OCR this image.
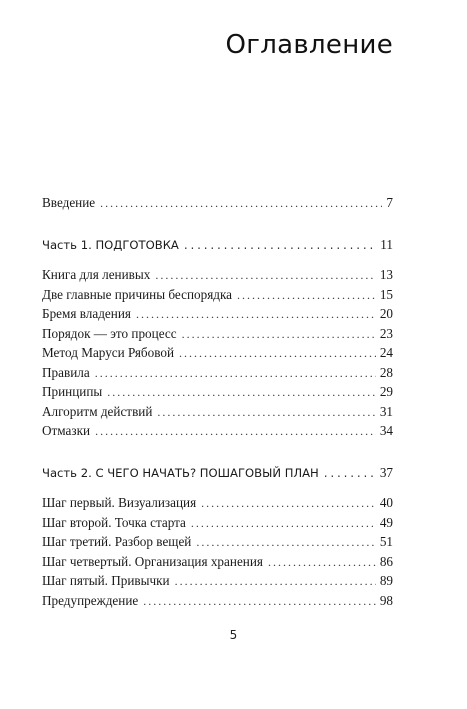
Оглавление
Введение . . .	7
Часть 1. ПОДГОТОВКА . . .	11
Книга для ленивых . . .	13
Две главные причины беспорядка . . .	15
Бремя владения . . .	20
Порядок — это процесс . . .	23
Метод Маруси Рябовой . . .	24
Правила . . .	28
Принципы . . .	29
Алгоритм действий . . .	31
Отмазки . . .	34
Часть 2. С ЧЕГО НАЧАТЬ? ПОШАГОВЫЙ ПЛАН . . .	37
Шаг первый. Визуализация . . .	40
Шаг второй. Точка старта . . .	49
Шаг третий. Разбор вещей . . .	51
Шаг четвертый. Организация хранения . . .	86
Шаг пятый. Привычки . . .	89
Предупреждение . . .	98
5
